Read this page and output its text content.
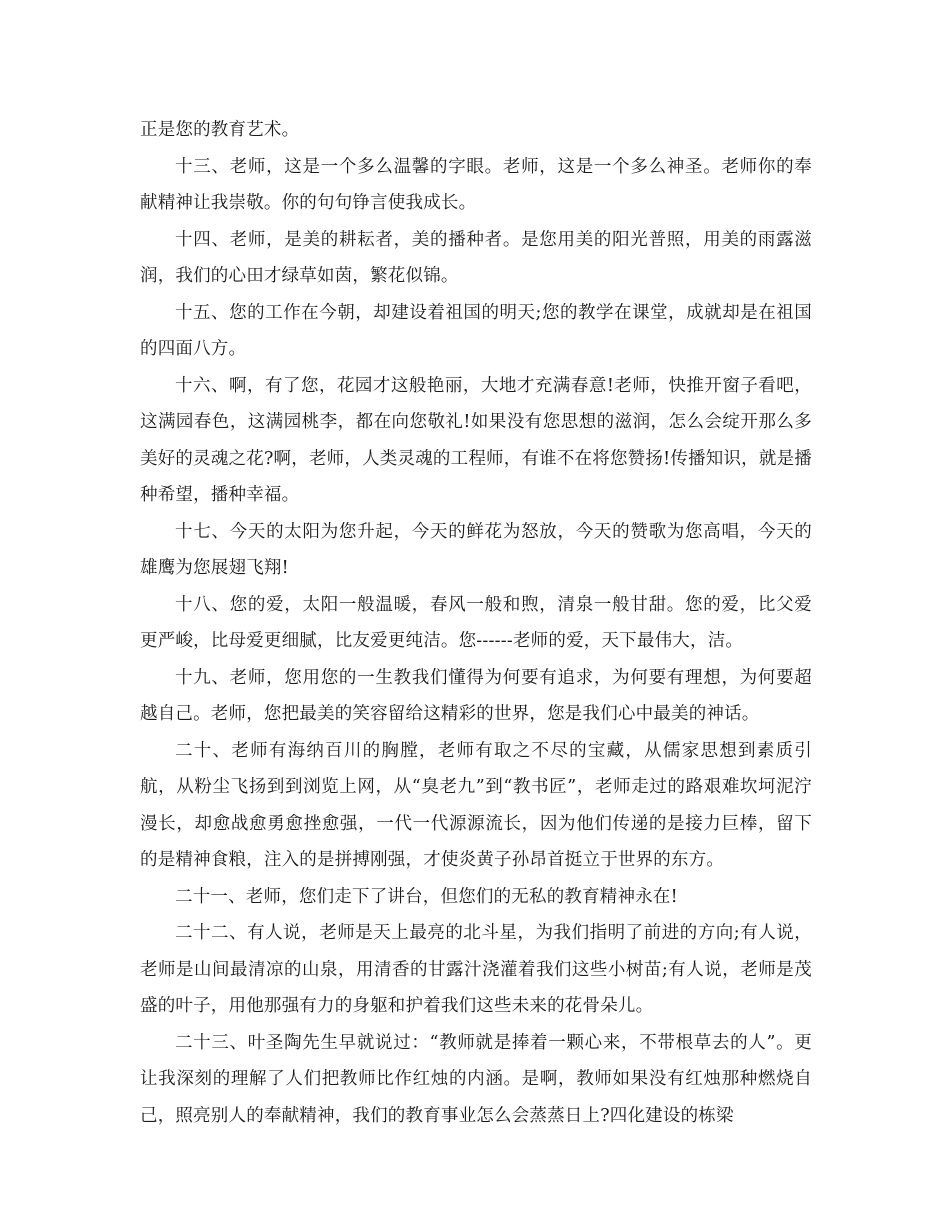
正是您的教育艺术。

十三、老师，这是一个多么温馨的字眼。老师，这是一个多么神圣。老师你的奉献精神让我崇敬。你的句句铮言使我成长。

十四、老师，是美的耕耘者，美的播种者。是您用美的阳光普照，用美的雨露滋润，我们的心田才绿草如茵，繁花似锦。

十五、您的工作在今朝，却建设着祖国的明天;您的教学在课堂，成就却是在祖国的四面八方。

十六、啊，有了您，花园才这般艳丽，大地才充满春意!老师，快推开窗子看吧，这满园春色，这满园桃李，都在向您敬礼!如果没有您思想的滋润，怎么会绽开那么多美好的灵魂之花?啊，老师，人类灵魂的工程师，有谁不在将您赞扬!传播知识，就是播种希望，播种幸福。

十七、今天的太阳为您升起，今天的鲜花为怒放，今天的赞歌为您高唱，今天的雄鹰为您展翅飞翔!

十八、您的爱，太阳一般温暖，春风一般和煦，清泉一般甘甜。您的爱，比父爱更严峻，比母爱更细腻，比友爱更纯洁。您------老师的爱，天下最伟大，洁。

十九、老师，您用您的一生教我们懂得为何要有追求，为何要有理想，为何要超越自己。老师，您把最美的笑容留给这精彩的世界，您是我们心中最美的神话。

二十、老师有海纳百川的胸膛，老师有取之不尽的宝藏，从儒家思想到素质引航，从粉尘飞扬到到浏览上网，从“臭老九”到“教书匠”，老师走过的路艰难坎坷泥泞漫长，却愈战愈勇愈挫愈强，一代一代源源流长，因为他们传递的是接力巨棒，留下的是精神食粮，注入的是拼搏刚强，才使炎黄子孙昂首挺立于世界的东方。

二十一、老师，您们走下了讲台，但您们的无私的教育精神永在!

二十二、有人说，老师是天上最亮的北斗星，为我们指明了前进的方向;有人说，老师是山间最清凉的山泉，用清香的甘露汁浇灌着我们这些小树苗;有人说，老师是茂盛的叶子，用他那强有力的身躯和护着我们这些未来的花骨朵儿。

二十三、叶圣陶先生早就说过：“教师就是捧着一颗心来，不带根草去的人”。更让我深刻的理解了人们把教师比作红烛的内涵。是啊，教师如果没有红烛那种燃烧自己，照亮别人的奉献精神，我们的教育事业怎么会蒸蒸日上?四化建设的栋梁
